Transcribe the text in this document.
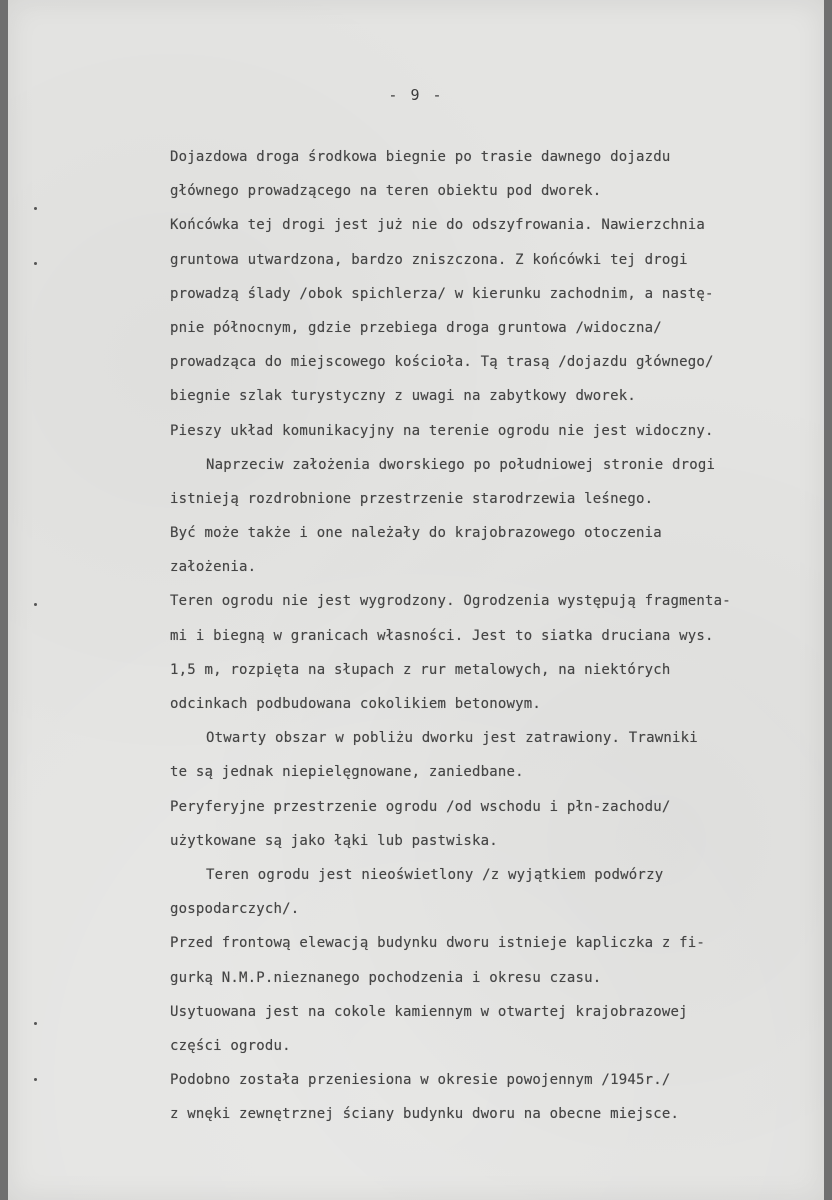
- 9 -
Dojazdowa droga środkowa biegnie po trasie dawnego dojazdu
głównego prowadzącego na teren obiektu pod dworek.
Końcówka tej drogi jest już nie do odszyfrowania. Nawierzchnia
gruntowa utwardzona, bardzo zniszczona. Z końcówki tej drogi
prowadzą ślady /obok spichlerza/ w kierunku zachodnim, a nastę-
pnie północnym, gdzie przebiega droga gruntowa /widoczna/
prowadząca do miejscowego kościoła. Tą trasą /dojazdu głównego/
biegnie szlak turystyczny z uwagi na zabytkowy dworek.
Pieszy układ komunikacyjny na terenie ogrodu nie jest widoczny.
Naprzeciw założenia dworskiego po południowej stronie drogi
istnieją rozdrobnione przestrzenie starodrzewia leśnego.
Być może także i one należały do krajobrazowego otoczenia
założenia.
Teren ogrodu nie jest wygrodzony. Ogrodzenia występują fragmenta-
mi i biegną w granicach własności. Jest to siatka druciana wys.
1,5 m, rozpięta na słupach z rur metalowych, na niektórych
odcinkach podbudowana cokolikiem betonowym.
Otwarty obszar w pobliżu dworku jest zatrawiony. Trawniki
te są jednak niepielęgnowane, zaniedbane.
Peryferyjne przestrzenie ogrodu /od wschodu i płn-zachodu/
użytkowane są jako łąki lub pastwiska.
Teren ogrodu jest nieoświetlony /z wyjątkiem podwórzy
gospodarczych/.
Przed frontową elewacją budynku dworu istnieje kapliczka z fi-
gurką N.M.P.nieznanego pochodzenia i okresu czasu.
Usytuowana jest na cokole kamiennym w otwartej krajobrazowej
części ogrodu.
Podobno została przeniesiona w okresie powojennym /1945r./
z wnęki zewnętrznej ściany budynku dworu na obecne miejsce.
